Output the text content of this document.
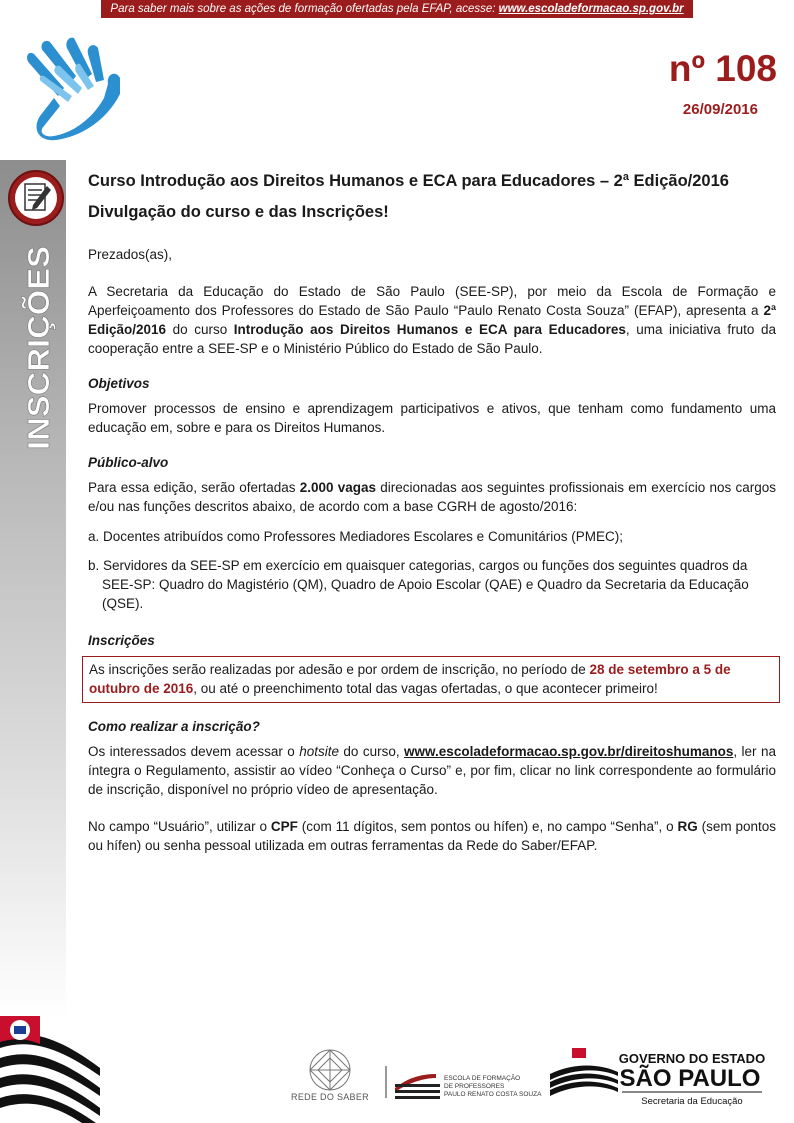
Para saber mais sobre as ações de formação ofertadas pela EFAP, acesse: www.escoladeformacao.sp.gov.br
nº 108
26/09/2016
INSCRIÇÕES
Curso Introdução aos Direitos Humanos e ECA para Educadores – 2ª Edição/2016
Divulgação do curso e das Inscrições!

Prezados(as),

A Secretaria da Educação do Estado de São Paulo (SEE-SP), por meio da Escola de Formação e Aperfeiçoamento dos Professores do Estado de São Paulo “Paulo Renato Costa Souza” (EFAP), apresenta a 2ª Edição/2016 do curso Introdução aos Direitos Humanos e ECA para Educadores, uma iniciativa fruto da cooperação entre a SEE-SP e o Ministério Público do Estado de São Paulo.

Objetivos

Promover processos de ensino e aprendizagem participativos e ativos, que tenham como fundamento uma educação em, sobre e para os Direitos Humanos.

Público-alvo

Para essa edição, serão ofertadas 2.000 vagas direcionadas aos seguintes profissionais em exercício nos cargos e/ou nas funções descritos abaixo, de acordo com a base CGRH de agosto/2016:

a. Docentes atribuídos como Professores Mediadores Escolares e Comunitários (PMEC);
b. Servidores da SEE-SP em exercício em quaisquer categorias, cargos ou funções dos seguintes quadros da SEE-SP: Quadro do Magistério (QM), Quadro de Apoio Escolar (QAE) e Quadro da Secretaria da Educação (QSE).
Inscrições
As inscrições serão realizadas por adesão e por ordem de inscrição, no período de 28 de setembro a 5 de outubro de 2016, ou até o preenchimento total das vagas ofertadas, o que acontecer primeiro!
Como realizar a inscrição?

Os interessados devem acessar o hotsite do curso, www.escoladeformacao.sp.gov.br/direitoshumanos, ler na íntegra o Regulamento, assistir ao vídeo “Conheça o Curso” e, por fim, clicar no link correspondente ao formulário de inscrição, disponível no próprio vídeo de apresentação.

No campo “Usuário”, utilizar o CPF (com 11 dígitos, sem pontos ou hífen) e, no campo “Senha”, o RG (sem pontos ou hífen) ou senha pessoal utilizada em outras ferramentas da Rede do Saber/EFAP.

REDE DO SABER
ESCOLA DE FORMAÇÃO
DE PROFESSORES
PAULO RENATO COSTA SOUZA
GOVERNO DO ESTADO
SÃO PAULO
Secretaria da Educação
